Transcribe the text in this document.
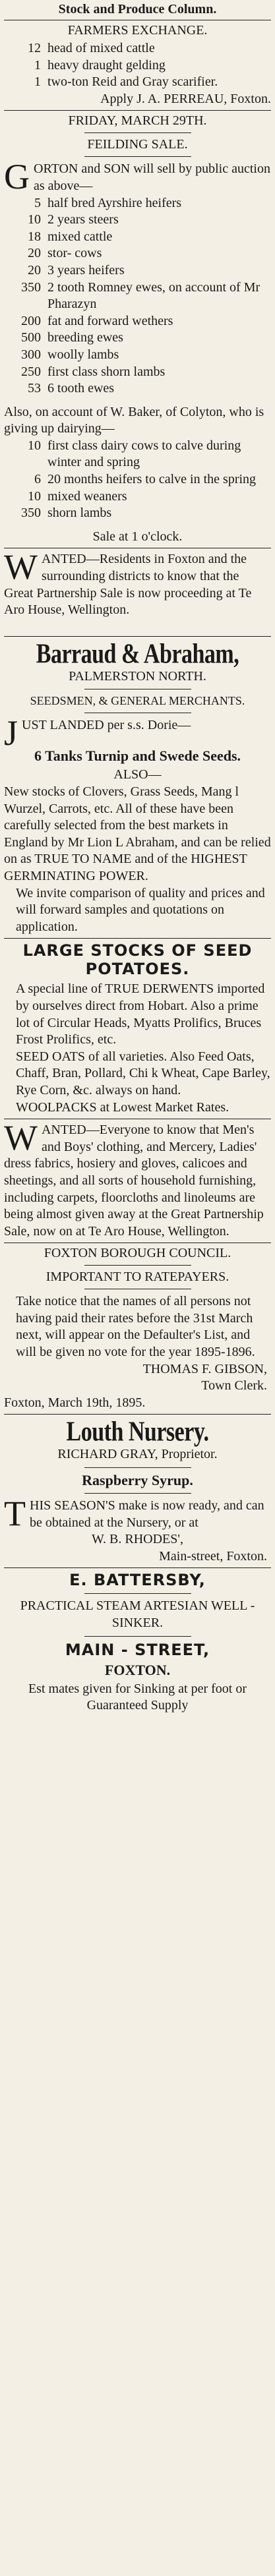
Stock and Produce Column.
FARMERS EXCHANGE.
12 head of mixed cattle
1 heavy draught gelding
1 two-ton Reid and Gray scarifier.
Apply J. A. PERREAU, Foxton.
FRIDAY, MARCH 29TH.
FEILDING SALE.

G ORTON and SON will sell by public auction as above—

5 half bred Ayrshire heifers
10 2 years steers
18 mixed cattle
20 stor- cows
20 3 years heifers
350 2 tooth Romney ewes, on account of Mr Pharazyn
200 fat and forward wethers
500 breeding ewes
300 woolly lambs
250 first class shorn lambs
53 6 tooth ewes

Also, on account of W. Baker, of Colyton, who is giving up dairying—

10 first class dairy cows to calve during winter and spring
6 20 months heifers to calve in the spring
10 mixed weaners
350 shorn lambs
Sale at 1 o'clock.

W ANTED—Residents in Foxton and the surrounding districts to know that the Great Partnership Sale is now proceeding at Te Aro House, Wellington.

Barraud & Abraham,
PALMERSTON NORTH.
SEEDSMEN, & GENERAL MERCHANTS.

J UST LANDED per s.s. Dorie—

6 Tanks Turnip and Swede Seeds.
ALSO—

New stocks of Clovers, Grass Seeds, Mang l Wurzel, Carrots, etc. All of these have been carefully selected from the best markets in England by Mr Lion L Abraham, and can be relied on as TRUE TO NAME and of the HIGHEST GERMINATING POWER.

We invite comparison of quality and prices and will forward samples and quotations on application.

LARGE STOCKS OF SEED POTATOES.

A special line of TRUE DERWENTS imported by ourselves direct from Hobart. Also a prime lot of Circular Heads, Myatts Prolifics, Bruces Frost Prolifics, etc.

SEED OATS of all varieties. Also Feed Oats, Chaff, Bran, Pollard, Chi k Wheat, Cape Barley, Rye Corn, &c. always on hand.

WOOLPACKS at Lowest Market Rates.

W ANTED—Everyone to know that Men's and Boys' clothing, and Mercery, Ladies' dress fabrics, hosiery and gloves, calicoes and sheetings, and all sorts of household furnishing, including carpets, floorcloths and linoleums are being almost given away at the Great Partnership Sale, now on at Te Aro House, Wellington.

FOXTON BOROUGH COUNCIL.
IMPORTANT TO RATEPAYERS.

Take notice that the names of all persons not having paid their rates before the 31st March next, will appear on the Defaulter's List, and will be given no vote for the year 1895-1896.

THOMAS F. GIBSON,
Town Clerk.
Foxton, March 19th, 1895.
Louth Nursery.
RICHARD GRAY, Proprietor.
Raspberry Syrup.

T HIS SEASON'S make is now ready, and can be obtained at the Nursery, or at

W. B. RHODES',
Main-street, Foxton.
E. BATTERSBY,
PRACTICAL STEAM ARTESIAN WELL - SINKER.
MAIN - STREET,
FOXTON.

Est mates given for Sinking at per foot or Guaranteed Supply
